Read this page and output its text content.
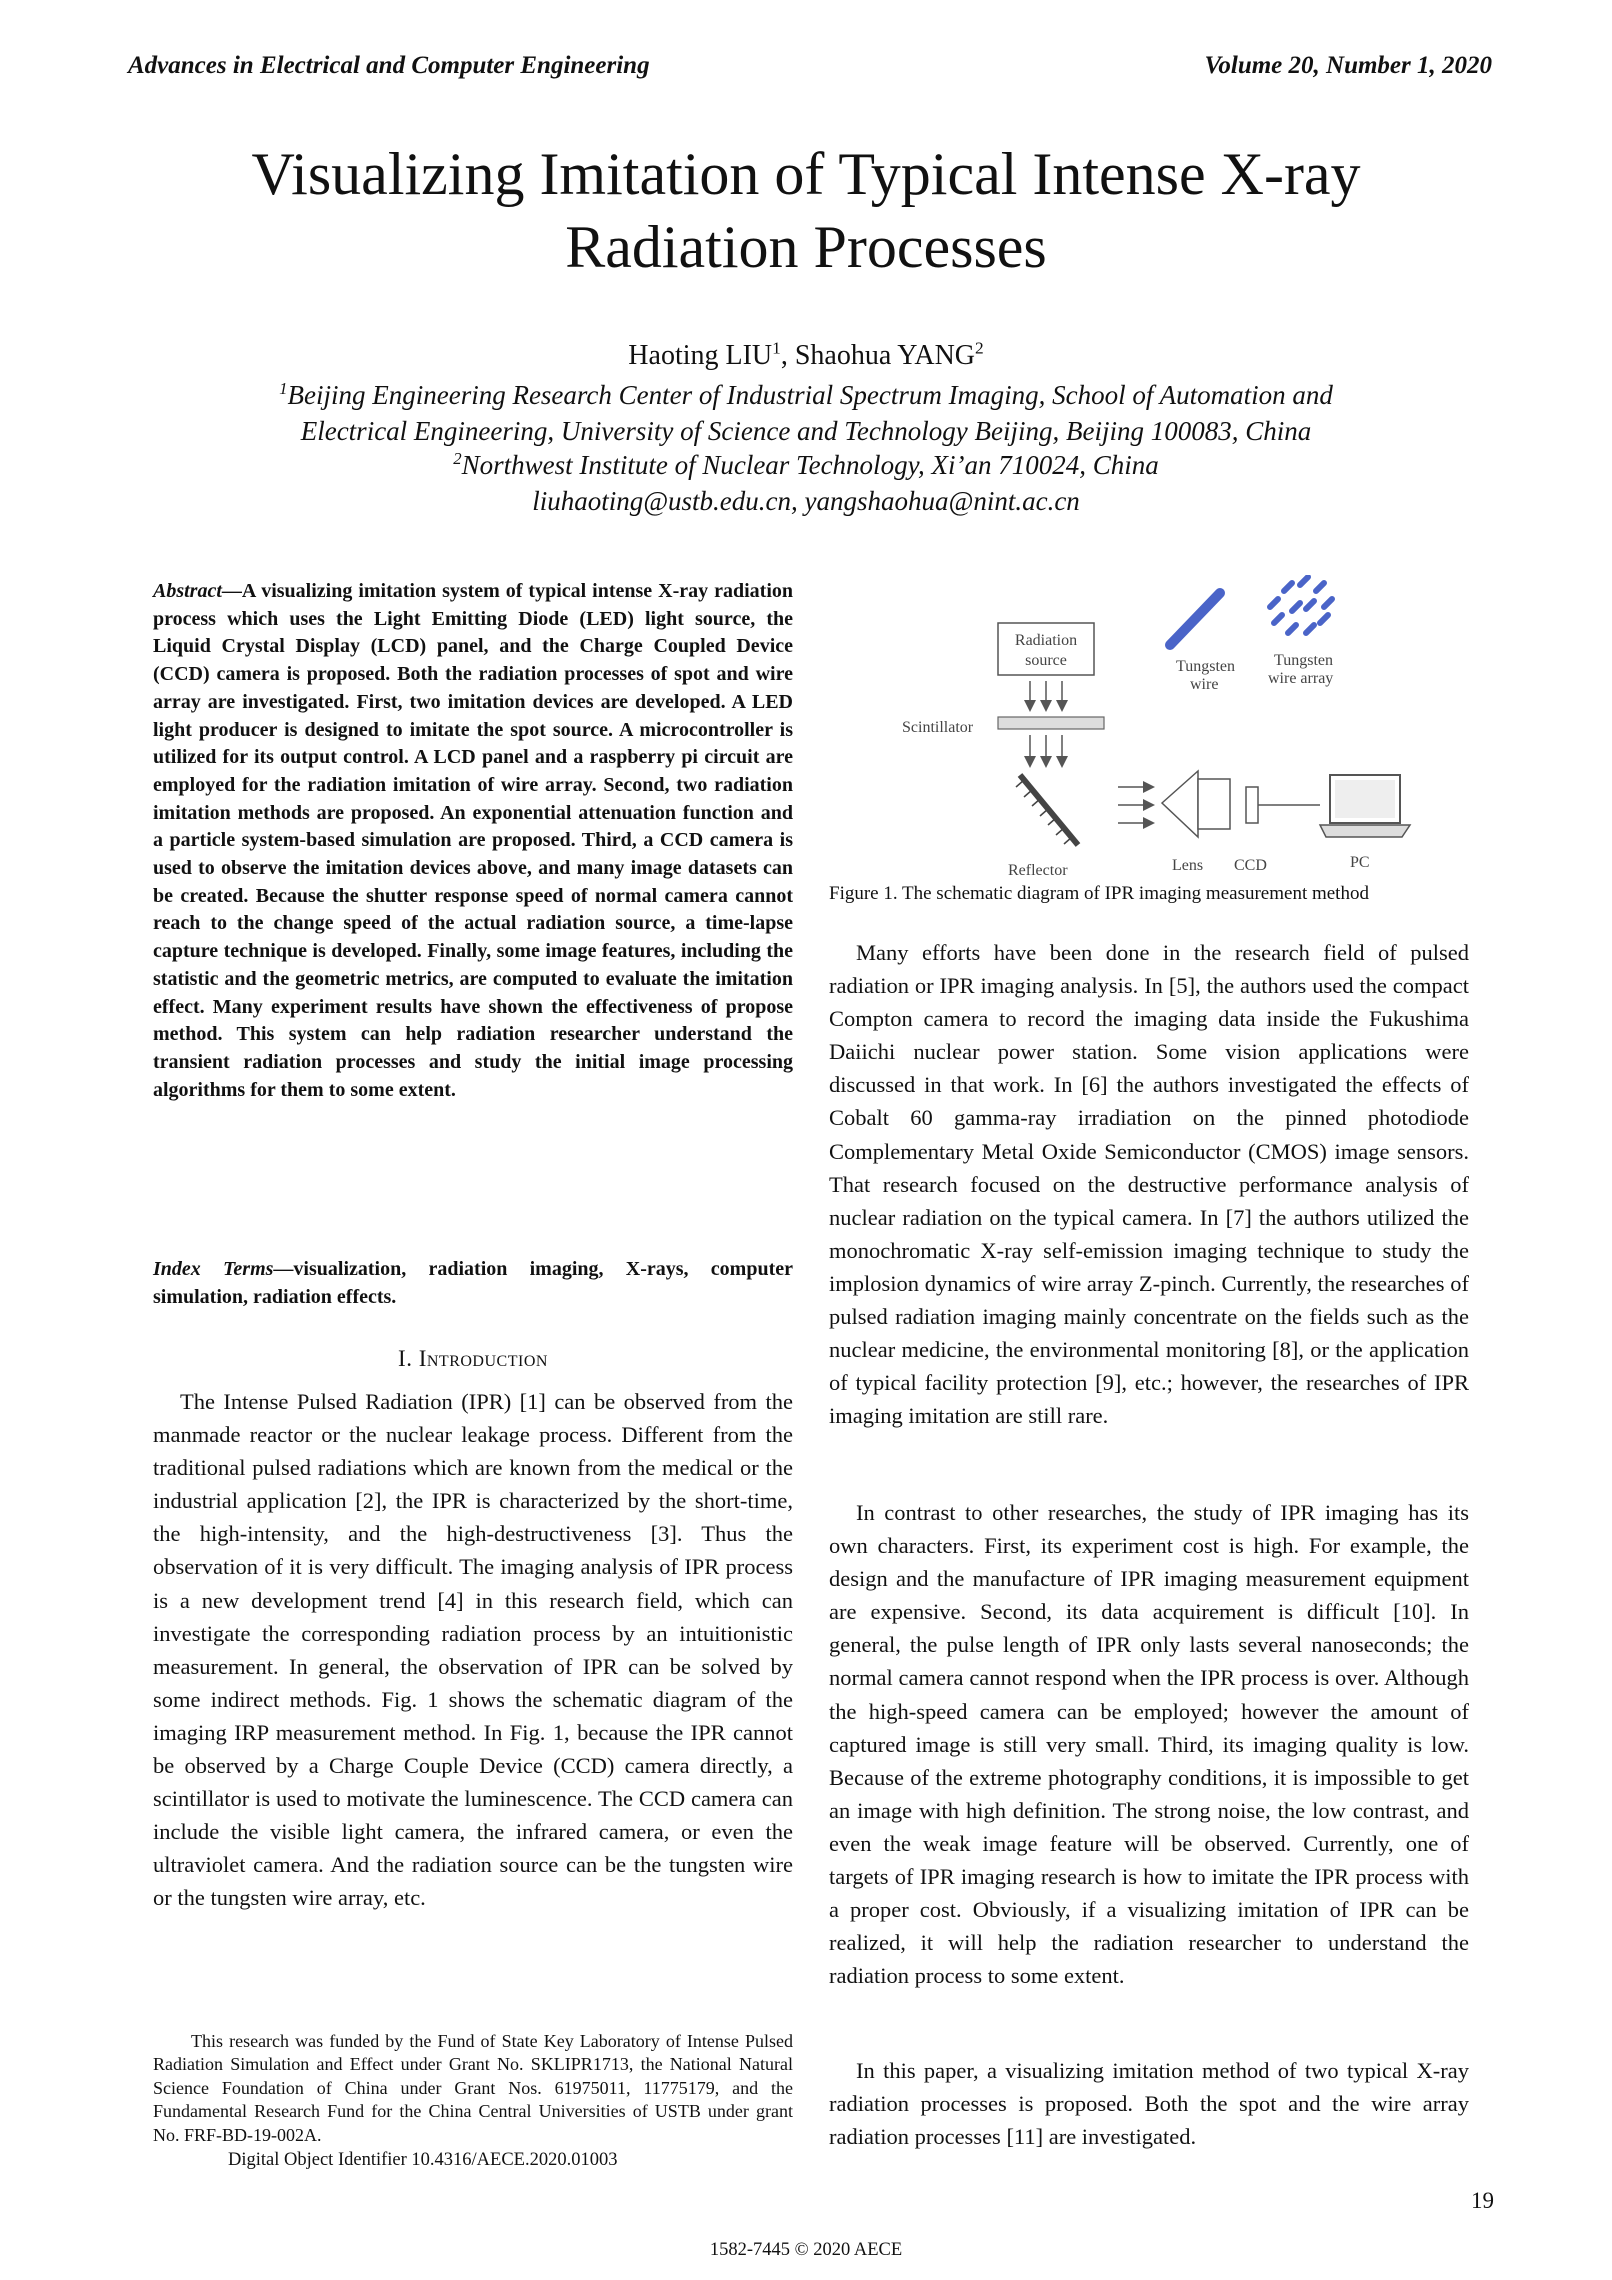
Advances in Electrical and Computer Engineering	Volume 20, Number 1, 2020
Visualizing Imitation of Typical Intense X-ray Radiation Processes
Haoting LIU$^1$, Shaohua YANG$^2$
$^1$Beijing Engineering Research Center of Industrial Spectrum Imaging, School of Automation and
Electrical Engineering, University of Science and Technology Beijing, Beijing 100083, China
$^2$Northwest Institute of Nuclear Technology, Xi’an 710024, China
liuhaoting@ustb.edu.cn, yangshaohua@nint.ac.cn
Abstract—A visualizing imitation system of typical intense X-ray radiation process which uses the Light Emitting Diode (LED) light source, the Liquid Crystal Display (LCD) panel, and the Charge Coupled Device (CCD) camera is proposed. Both the radiation processes of spot and wire array are investigated. First, two imitation devices are developed. A LED light producer is designed to imitate the spot source. A microcontroller is utilized for its output control. A LCD panel and a raspberry pi circuit are employed for the radiation imitation of wire array. Second, two radiation imitation methods are proposed. An exponential attenuation function and a particle system-based simulation are proposed. Third, a CCD camera is used to observe the imitation devices above, and many image datasets can be created. Because the shutter response speed of normal camera cannot reach to the change speed of the actual radiation source, a time-lapse capture technique is developed. Finally, some image features, including the statistic and the geometric metrics, are computed to evaluate the imitation effect. Many experiment results have shown the effectiveness of propose method. This system can help radiation researcher understand the transient radiation processes and study the initial image processing algorithms for them to some extent.
Index Terms—visualization, radiation imaging, X-rays, computer simulation, radiation effects.
I. Introduction
The Intense Pulsed Radiation (IPR) [1] can be observed from the manmade reactor or the nuclear leakage process. Different from the traditional pulsed radiations which are known from the medical or the industrial application [2], the IPR is characterized by the short-time, the high-intensity, and the high-destructiveness [3]. Thus the observation of it is very difficult. The imaging analysis of IPR process is a new development trend [4] in this research field, which can investigate the corresponding radiation process by an intuitionistic measurement. In general, the observation of IPR can be solved by some indirect methods. Fig. 1 shows the schematic diagram of the imaging IRP measurement method. In Fig. 1, because the IPR cannot be observed by a Charge Couple Device (CCD) camera directly, a scintillator is used to motivate the luminescence. The CCD camera can include the visible light camera, the infrared camera, or even the ultraviolet camera. And the radiation source can be the tungsten wire or the tungsten wire array, etc.
This research was funded by the Fund of State Key Laboratory of Intense Pulsed Radiation Simulation and Effect under Grant No. SKLIPR1713, the National Natural Science Foundation of China under Grant Nos. 61975011, 11775179, and the Fundamental Research Fund for the China Central Universities of USTB under grant No. FRF-BD-19-002A.
Digital Object Identifier 10.4316/AECE.2020.01003
19
1582-7445 © 2020 AECE
Radiation
source
Scintillator
Reflector	Lens CCD	PC
Tungsten
wire
Tungsten
wire array
Figure 1. The schematic diagram of IPR imaging measurement method
Many efforts have been done in the research field of pulsed radiation or IPR imaging analysis. In [5], the authors used the compact Compton camera to record the imaging data inside the Fukushima Daiichi nuclear power station. Some vision applications were discussed in that work. In [6] the authors investigated the effects of Cobalt 60 gamma-ray irradiation on the pinned photodiode Complementary Metal Oxide Semiconductor (CMOS) image sensors. That research focused on the destructive performance analysis of nuclear radiation on the typical camera. In [7] the authors utilized the monochromatic X-ray self-emission imaging technique to study the implosion dynamics of wire array Z-pinch. Currently, the researches of pulsed radiation imaging mainly concentrate on the fields such as the nuclear medicine, the environmental monitoring [8], or the application of typical facility protection [9], etc.; however, the researches of IPR imaging imitation are still rare.
In contrast to other researches, the study of IPR imaging has its own characters. First, its experiment cost is high. For example, the design and the manufacture of IPR imaging measurement equipment are expensive. Second, its data acquirement is difficult [10]. In general, the pulse length of IPR only lasts several nanoseconds; the normal camera cannot respond when the IPR process is over. Although the high-speed camera can be employed; however the amount of captured image is still very small. Third, its imaging quality is low. Because of the extreme photography conditions, it is impossible to get an image with high definition. The strong noise, the low contrast, and even the weak image feature will be observed. Currently, one of targets of IPR imaging research is how to imitate the IPR process with a proper cost. Obviously, if a visualizing imitation of IPR can be realized, it will help the radiation researcher to understand the radiation process to some extent.
In this paper, a visualizing imitation method of two typical X-ray radiation processes is proposed. Both the spot and the wire array radiation processes [11] are investigated.
